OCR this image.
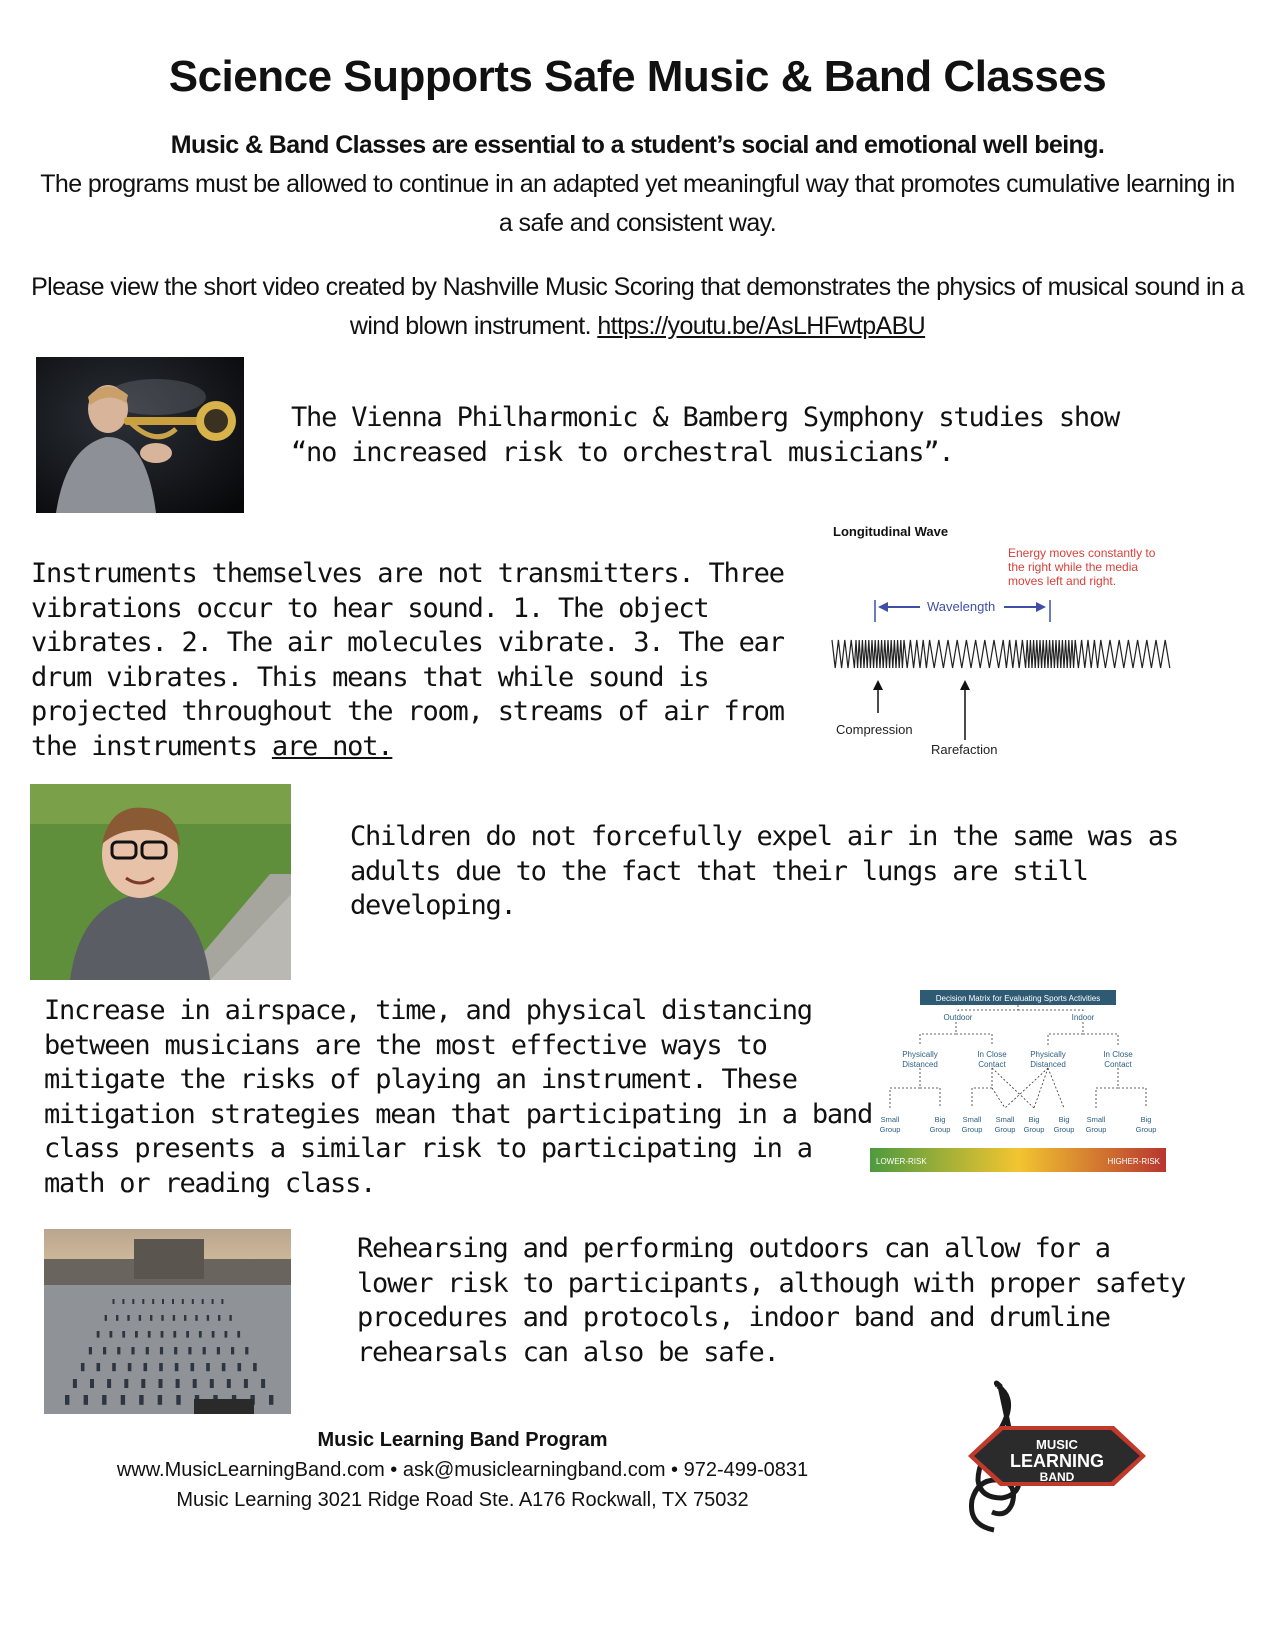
Science Supports Safe Music & Band Classes
Music & Band Classes are essential to a student’s social and emotional well being.
The programs must be allowed to continue in an adapted yet meaningful way that promotes cumulative learning in a safe and consistent way.
Please view the short video created by Nashville Music Scoring that demonstrates the physics of musical sound in a wind blown instrument. https://youtu.be/AsLHFwtpABU
The Vienna Philharmonic & Bamberg Symphony studies show “no increased risk to orchestral musicians”.
Instruments themselves are not transmitters. Three vibrations occur to hear sound. 1. The object vibrates. 2. The air molecules vibrate. 3. The ear drum vibrates. This means that while sound is projected throughout the room, streams of air from the instruments are not.
Longitudinal Wave
Energy moves constantly to
the right while the media
moves left and right.
Wavelength
Compression
Rarefaction
Children do not forcefully expel air in the same was as adults due to the fact that their lungs are still developing.
Increase in airspace, time, and physical distancing between musicians are the most effective ways to mitigate the risks of playing an instrument. These mitigation strategies mean that participating in a band class presents a similar risk to participating in a math or reading class.
Decision Matrix for Evaluating Sports Activities
Outdoor	Indoor
Physically
Distanced
In Close
Contact
Physically
Distanced
In Close
Contact
Small
Group
Big
Group
Small
Group
Small
Group
Big
Group
Big
Group
Small
Group
Big
Group
LOWER-RISK	HIGHER-RISK
Rehearsing and performing outdoors can allow for a lower risk to participants, although with proper safety procedures and protocols, indoor band and drumline rehearsals can also be safe.
Music Learning Band Program
www.MusicLearningBand.com • ask@musiclearningband.com • 972-499-0831
Music Learning 3021 Ridge Road Ste. A176 Rockwall, TX 75032
MUSIC
LEARNING
BAND
